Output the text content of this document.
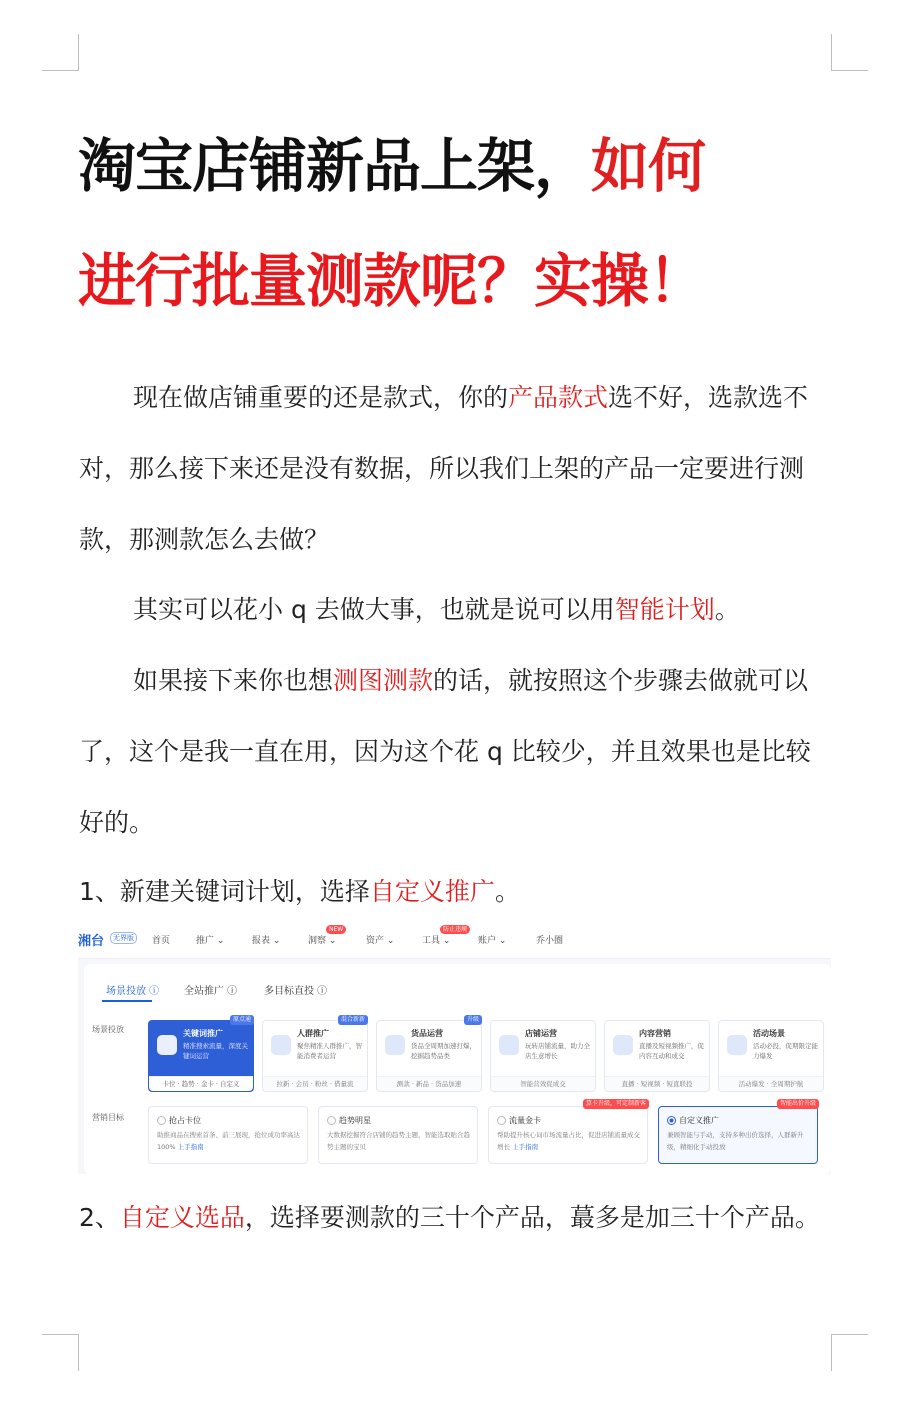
淘宝店铺新品上架，如何
进行批量测款呢？实操！
现在做店铺重要的还是款式，你的产品款式选不好，选款选不对，那么接下来还是没有数据，所以我们上架的产品一定要进行测款，那测款怎么去做？
其实可以花小 q 去做大事，也就是说可以用智能计划。
如果接下来你也想测图测款的话，就按照这个步骤去做就可以了，这个是我一直在用，因为这个花 q 比较少，并且效果也是比较好的。
1、新建关键词计划，选择自定义推广。
湘台	无界版	首页	推广 ⌄	报表 ⌄	洞察 ⌄
NEW
资产 ⌄	工具 ⌄
防止违规
账户 ⌄	乔小圈
场景投放 ⓘ 全站推广 ⓘ	多目标直投 ⓘ
场景投放
营销目标
原点通
关键词推广
精准搜索流量，深度关键词运营
卡位 · 趋势 · 金卡 · 自定义
混合新新
人群推广
聚焦精准人群推广，智能消费者运营
拉新 · 会员 · 粉丝 · 借量流
升级
货品运营
货品全周期加速打爆，挖掘趋势品类
测款 · 新品 · 货品加速
店铺运营
玩转店铺流量，助力全店生意增长
智能营效促成交
内容营销
直播及短视频推广，促内容互动和成交
直播 · 短视频 · 短直联投
活动场景
活动必投，促期限定能力爆发
活动爆发 · 全周期护航
抢占卡位
助推商品在搜索首条、前三展现，抢位成功率高达100% 上手指南
趋势明星
大数据挖掘符合店铺的趋势主题，智能选取贴合趋势主题的宝贝
算卡升级，可定制新客
流量金卡
帮助提升核心词市场流量占比，促进店铺流量成交增长 上手指南
智能出价升级
自定义推广
兼顾智能与手动，支持多种出价选择，人群新升级，精细化手动投放
2、自定义选品，选择要测款的三十个产品，蕞多是加三十个产品。
